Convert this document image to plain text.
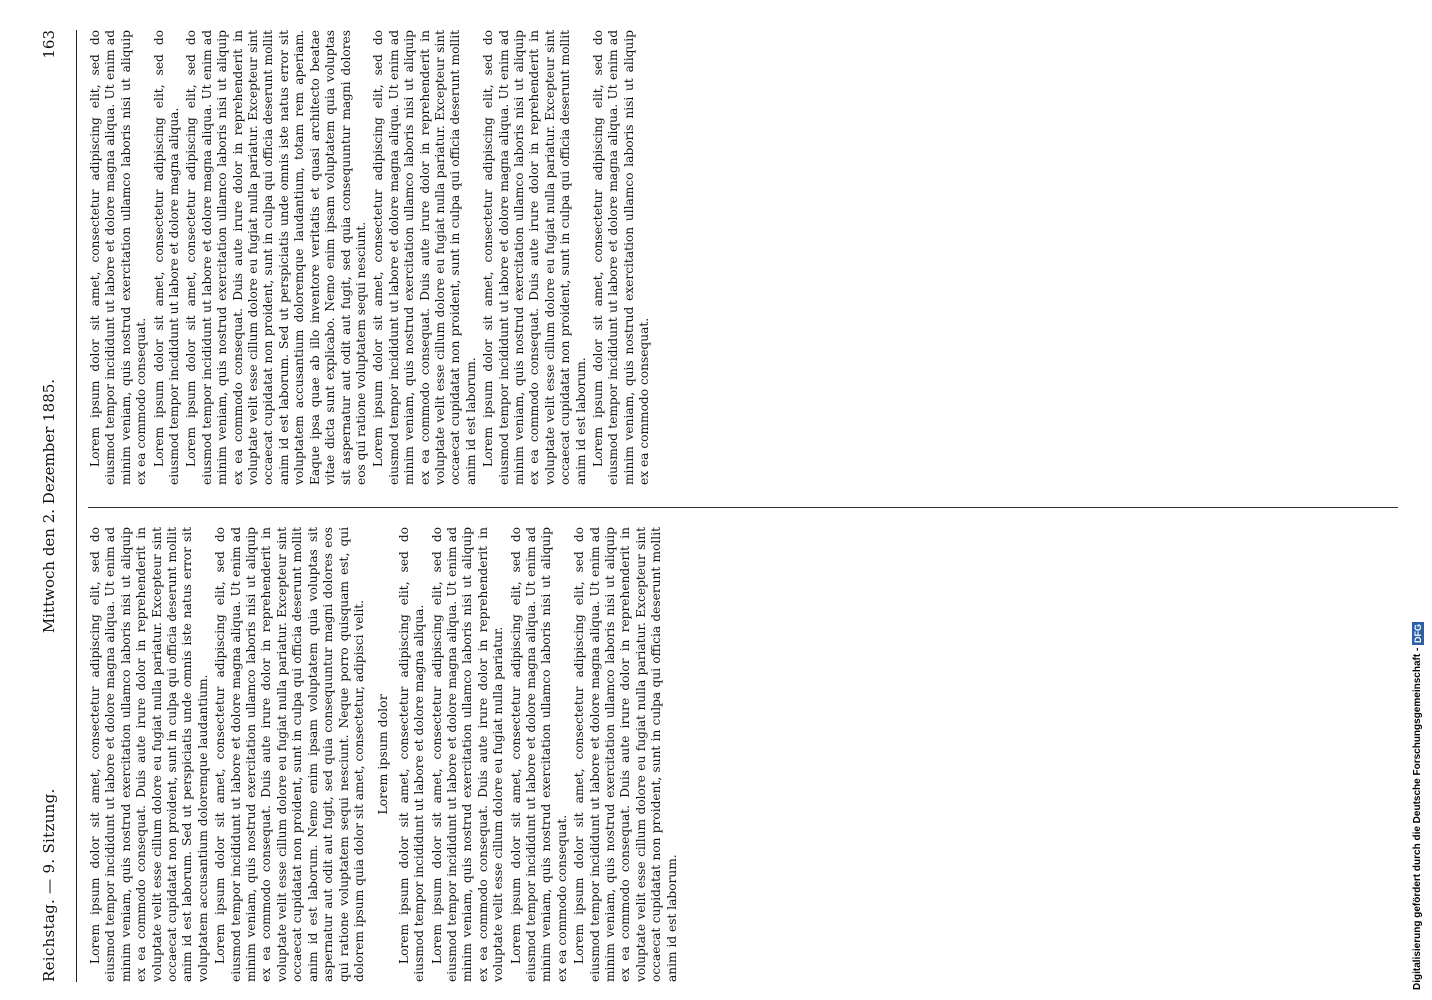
Reichstag. — 9. Sitzung.
Mittwoch den 2. Dezember 1885.
163
Lorem ipsum dolor sit amet, consectetur adipiscing elit, sed do eiusmod tempor incididunt ut labore et dolore magna aliqua. Ut enim ad minim veniam, quis nostrud exercitation ullamco laboris nisi ut aliquip ex ea commodo consequat. Duis aute irure dolor in reprehenderit in voluptate velit esse cillum dolore eu fugiat nulla pariatur. Excepteur sint occaecat cupidatat non proident, sunt in culpa qui officia deserunt mollit anim id est laborum. Sed ut perspiciatis unde omnis iste natus error sit voluptatem accusantium doloremque laudantium. Lorem ipsum dolor sit amet, consectetur adipiscing elit, sed do eiusmod tempor incididunt ut labore et dolore magna aliqua. Ut enim ad minim veniam, quis nostrud exercitation ullamco laboris nisi ut aliquip ex ea commodo consequat. Duis aute irure dolor in reprehenderit in voluptate velit esse cillum dolore eu fugiat nulla pariatur. Excepteur sint occaecat cupidatat non proident, sunt in culpa qui officia deserunt mollit anim id est laborum. Nemo enim ipsam voluptatem quia voluptas sit aspernatur aut odit aut fugit, sed quia consequuntur magni dolores eos qui ratione voluptatem sequi nesciunt. Neque porro quisquam est, qui dolorem ipsum quia dolor sit amet, consectetur, adipisci velit. Lorem ipsum dolor Lorem ipsum dolor sit amet, consectetur adipiscing elit, sed do eiusmod tempor incididunt ut labore et dolore magna aliqua. Lorem ipsum dolor sit amet, consectetur adipiscing elit, sed do eiusmod tempor incididunt ut labore et dolore magna aliqua. Ut enim ad minim veniam, quis nostrud exercitation ullamco laboris nisi ut aliquip ex ea commodo consequat. Duis aute irure dolor in reprehenderit in voluptate velit esse cillum dolore eu fugiat nulla pariatur. Lorem ipsum dolor sit amet, consectetur adipiscing elit, sed do eiusmod tempor incididunt ut labore et dolore magna aliqua. Ut enim ad minim veniam, quis nostrud exercitation ullamco laboris nisi ut aliquip ex ea commodo consequat. Lorem ipsum dolor sit amet, consectetur adipiscing elit, sed do eiusmod tempor incididunt ut labore et dolore magna aliqua. Ut enim ad minim veniam, quis nostrud exercitation ullamco laboris nisi ut aliquip ex ea commodo consequat. Duis aute irure dolor in reprehenderit in voluptate velit esse cillum dolore eu fugiat nulla pariatur. Excepteur sint occaecat cupidatat non proident, sunt in culpa qui officia deserunt mollit anim id est laborum.
Lorem ipsum dolor sit amet, consectetur adipiscing elit, sed do eiusmod tempor incididunt ut labore et dolore magna aliqua. Ut enim ad minim veniam, quis nostrud exercitation ullamco laboris nisi ut aliquip ex ea commodo consequat. Lorem ipsum dolor sit amet, consectetur adipiscing elit, sed do eiusmod tempor incididunt ut labore et dolore magna aliqua. Lorem ipsum dolor sit amet, consectetur adipiscing elit, sed do eiusmod tempor incididunt ut labore et dolore magna aliqua. Ut enim ad minim veniam, quis nostrud exercitation ullamco laboris nisi ut aliquip ex ea commodo consequat. Duis aute irure dolor in reprehenderit in voluptate velit esse cillum dolore eu fugiat nulla pariatur. Excepteur sint occaecat cupidatat non proident, sunt in culpa qui officia deserunt mollit anim id est laborum. Sed ut perspiciatis unde omnis iste natus error sit voluptatem accusantium doloremque laudantium, totam rem aperiam. Eaque ipsa quae ab illo inventore veritatis et quasi architecto beatae vitae dicta sunt explicabo. Nemo enim ipsam voluptatem quia voluptas sit aspernatur aut odit aut fugit, sed quia consequuntur magni dolores eos qui ratione voluptatem sequi nesciunt. Lorem ipsum dolor sit amet, consectetur adipiscing elit, sed do eiusmod tempor incididunt ut labore et dolore magna aliqua. Ut enim ad minim veniam, quis nostrud exercitation ullamco laboris nisi ut aliquip ex ea commodo consequat. Duis aute irure dolor in reprehenderit in voluptate velit esse cillum dolore eu fugiat nulla pariatur. Excepteur sint occaecat cupidatat non proident, sunt in culpa qui officia deserunt mollit anim id est laborum. Lorem ipsum dolor sit amet, consectetur adipiscing elit, sed do eiusmod tempor incididunt ut labore et dolore magna aliqua. Ut enim ad minim veniam, quis nostrud exercitation ullamco laboris nisi ut aliquip ex ea commodo consequat. Duis aute irure dolor in reprehenderit in voluptate velit esse cillum dolore eu fugiat nulla pariatur. Excepteur sint occaecat cupidatat non proident, sunt in culpa qui officia deserunt mollit anim id est laborum. Lorem ipsum dolor sit amet, consectetur adipiscing elit, sed do eiusmod tempor incididunt ut labore et dolore magna aliqua. Ut enim ad minim veniam, quis nostrud exercitation ullamco laboris nisi ut aliquip ex ea commodo consequat.
Digitalisierung gefördert durch die Deutsche Forschungsgemeinschaft - DFG
